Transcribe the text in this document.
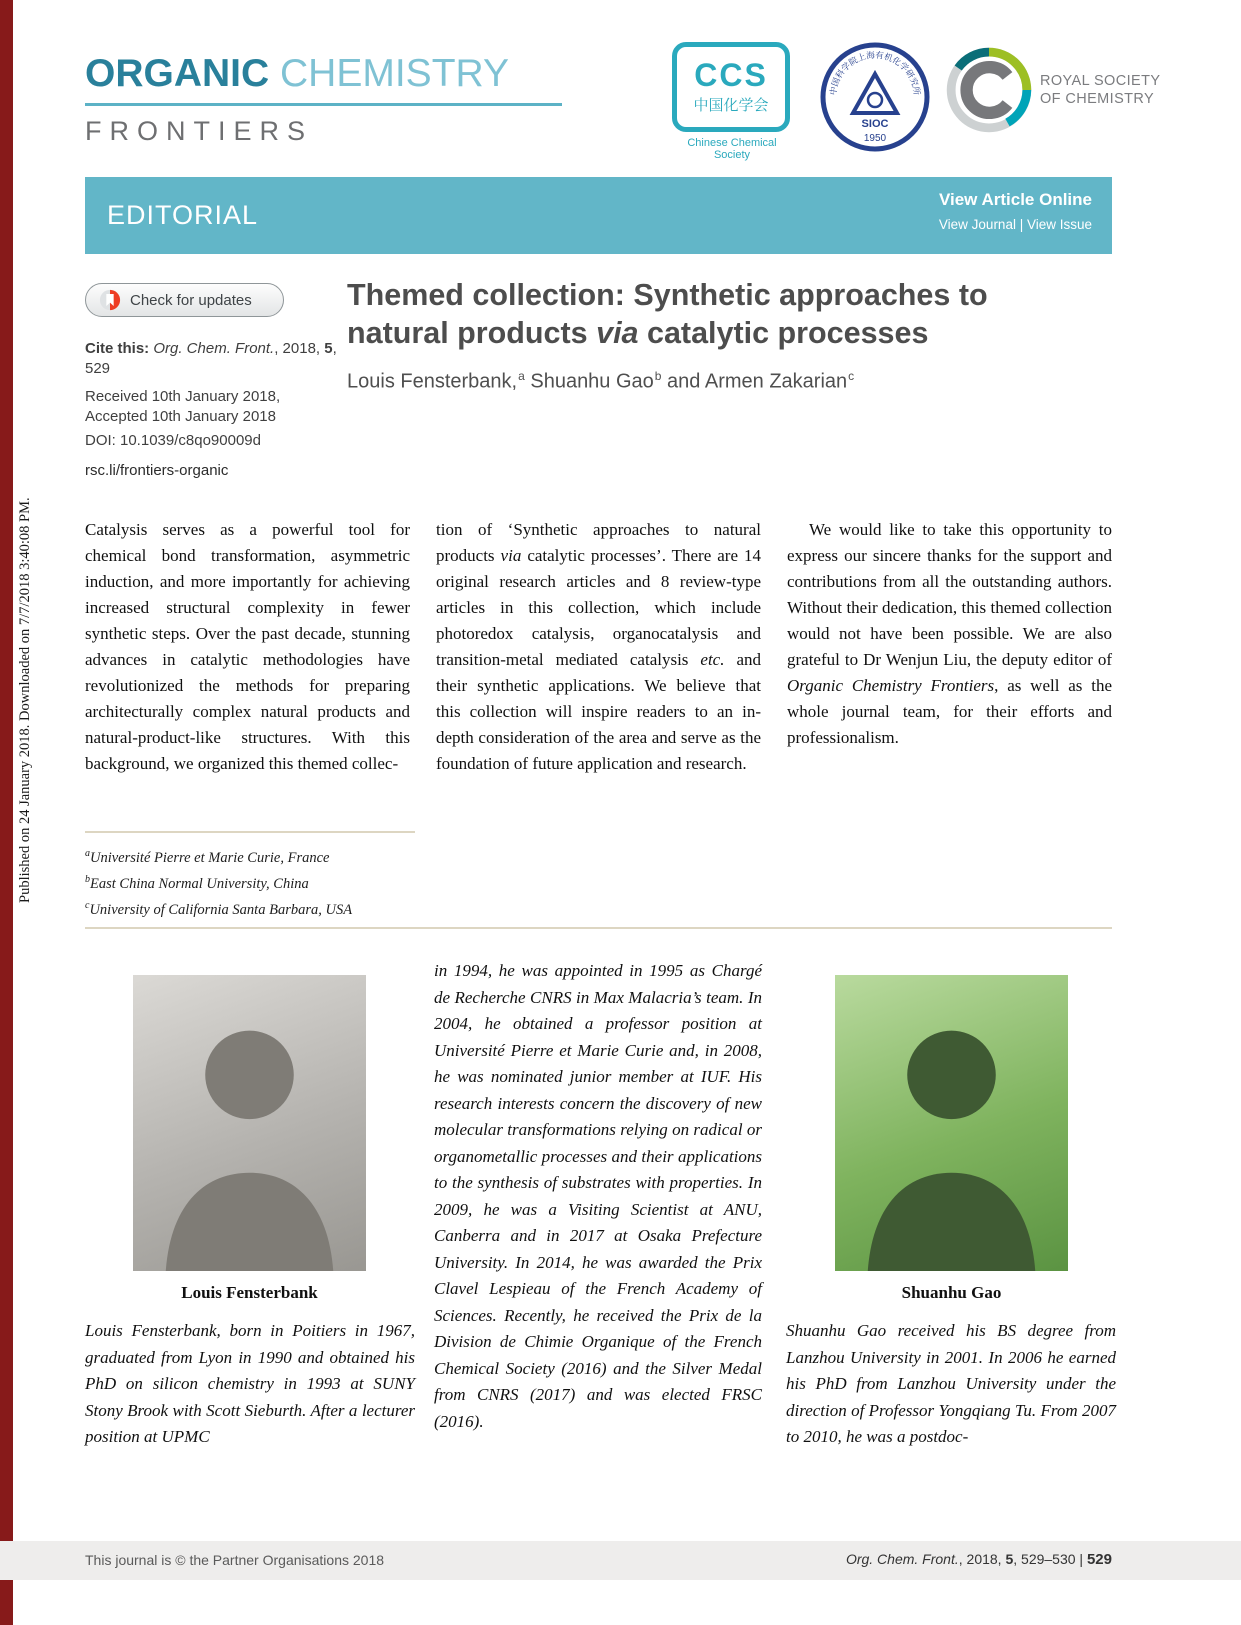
Published on 24 January 2018. Downloaded on 7/7/2018 3:40:08 PM.
ORGANIC CHEMISTRY
FRONTIERS
CCS
中国化学会
Chinese Chemical Society
中国科学院上海有机化学研究所
SIOC
1950
ROYAL SOCIETY
OF CHEMISTRY
EDITORIAL
View Article Online
View Journal | View Issue
Check for updates
Cite this: Org. Chem. Front., 2018, 5, 529
Received 10th January 2018,
Accepted 10th January 2018
DOI: 10.1039/c8qo90009d
rsc.li/frontiers-organic
Themed collection: Synthetic approaches to natural products via catalytic processes
Louis Fensterbank,$^a$ Shuanhu Gao$^b$ and Armen Zakarian$^c$

Catalysis serves as a powerful tool for chemical bond transformation, asymmetric induction, and more importantly for achieving increased structural complexity in fewer synthetic steps. Over the past decade, stunning advances in catalytic methodologies have revolutionized the methods for preparing architecturally complex natural products and natural-product-like structures. With this background, we organized this themed collec-

tion of ‘Synthetic approaches to natural products via catalytic processes’. There are 14 original research articles and 8 review-type articles in this collection, which include photoredox catalysis, organocatalysis and transition-metal mediated catalysis etc. and their synthetic applications. We believe that this collection will inspire readers to an in-depth consideration of the area and serve as the foundation of future application and research.

We would like to take this opportunity to express our sincere thanks for the support and contributions from all the outstanding authors. Without their dedication, this themed collection would not have been possible. We are also grateful to Dr Wenjun Liu, the deputy editor of Organic Chemistry Frontiers, as well as the whole journal team, for their efforts and professionalism.

$^a$Université Pierre et Marie Curie, France
$^b$East China Normal University, China
$^c$University of California Santa Barbara, USA
Louis Fensterbank

Louis Fensterbank, born in Poitiers in 1967, graduated from Lyon in 1990 and obtained his PhD on silicon chemistry in 1993 at SUNY Stony Brook with Scott Sieburth. After a lecturer position at UPMC

in 1994, he was appointed in 1995 as Chargé de Recherche CNRS in Max Malacria’s team. In 2004, he obtained a professor position at Université Pierre et Marie Curie and, in 2008, he was nominated junior member at IUF. His research interests concern the discovery of new molecular transformations relying on radical or organometallic processes and their applications to the synthesis of substrates with properties. In 2009, he was a Visiting Scientist at ANU, Canberra and in 2017 at Osaka Prefecture University. In 2014, he was awarded the Prix Clavel Lespieau of the French Academy of Sciences. Recently, he received the Prix de la Division de Chimie Organique of the French Chemical Society (2016) and the Silver Medal from CNRS (2017) and was elected FRSC (2016).

Shuanhu Gao

Shuanhu Gao received his BS degree from Lanzhou University in 2001. In 2006 he earned his PhD from Lanzhou University under the direction of Professor Yongqiang Tu. From 2007 to 2010, he was a postdoc-

This journal is © the Partner Organisations 2018	Org. Chem. Front., 2018, 5, 529–530 | 529
